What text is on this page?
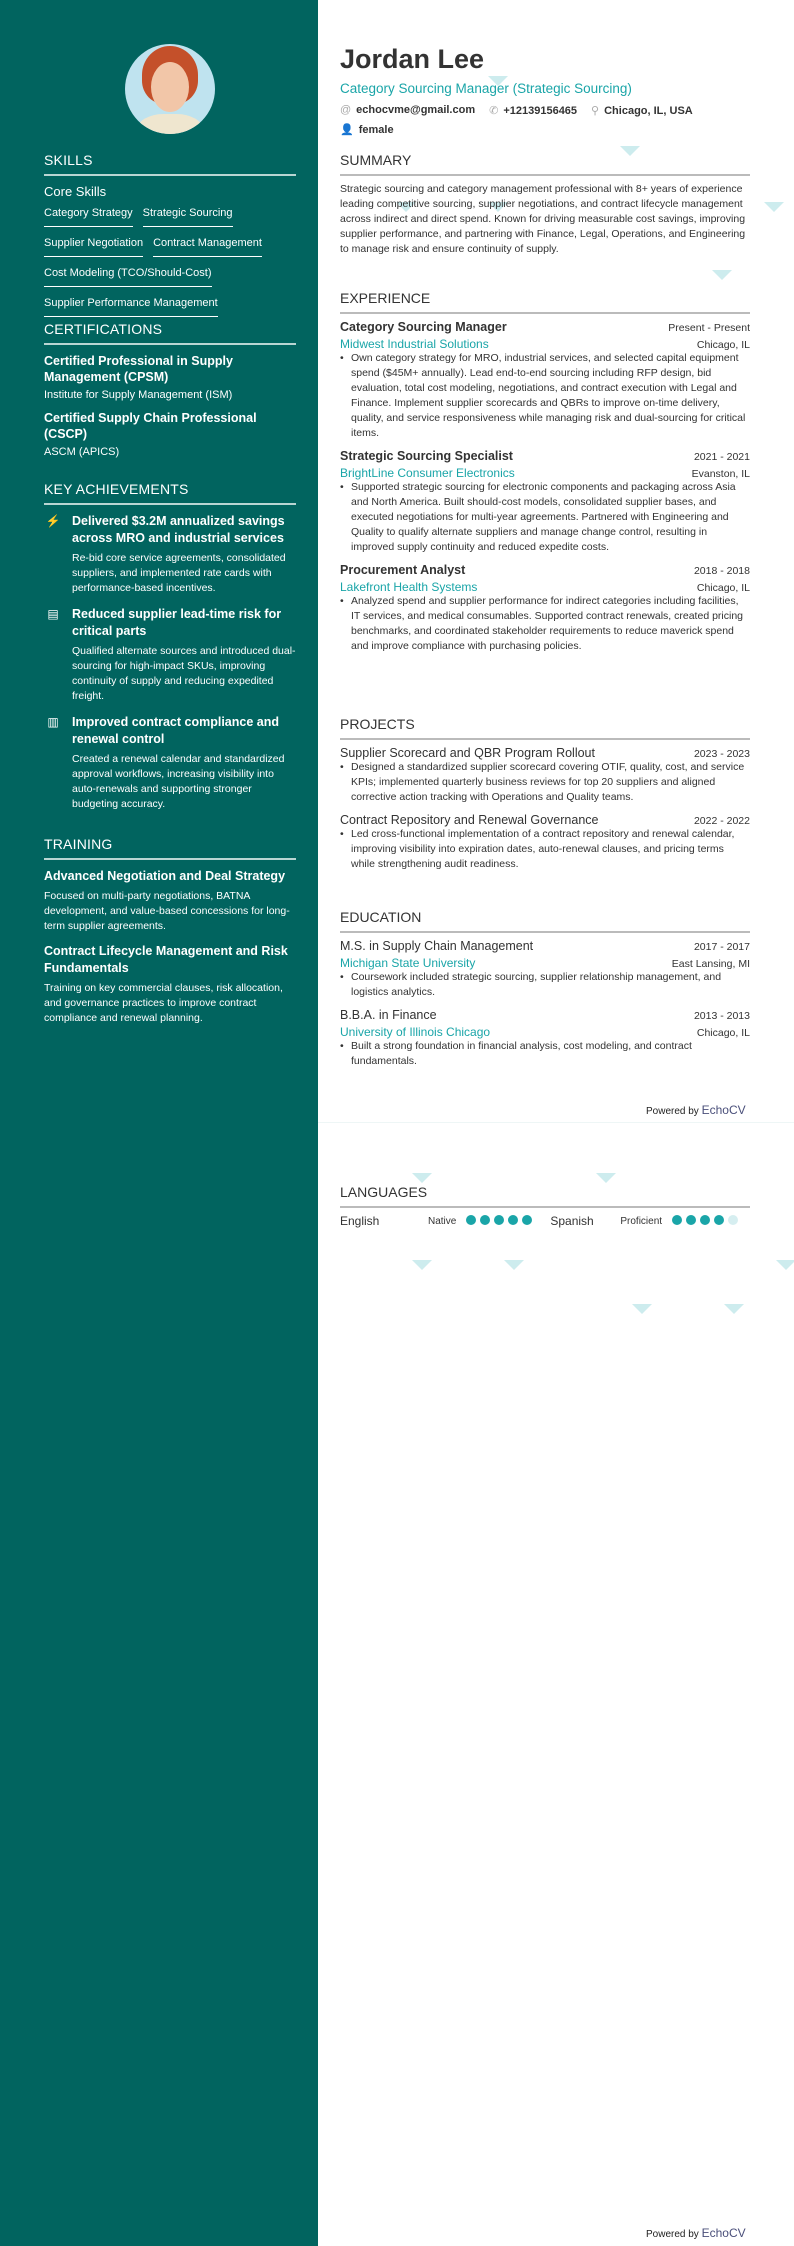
SKILLS
Core Skills
Category Strategy Strategic Sourcing
Supplier Negotiation Contract Management
Cost Modeling (TCO/Should-Cost)
Supplier Performance Management
CERTIFICATIONS
Certified Professional in Supply Management (CPSM)
Institute for Supply Management (ISM)
Certified Supply Chain Professional (CSCP)
ASCM (APICS)
KEY ACHIEVEMENTS
⚡ Delivered $3.2M annualized savings across MRO and industrial services
Re-bid core service agreements, consolidated suppliers, and implemented rate cards with performance-based incentives.
▤ Reduced supplier lead-time risk for critical parts
Qualified alternate sources and introduced dual-sourcing for high-impact SKUs, improving continuity of supply and reducing expedited freight.
▥ Improved contract compliance and renewal control
Created a renewal calendar and standardized approval workflows, increasing visibility into auto-renewals and supporting stronger budgeting accuracy.
TRAINING
Advanced Negotiation and Deal Strategy
Focused on multi-party negotiations, BATNA development, and value-based concessions for long-term supplier agreements.
Contract Lifecycle Management and Risk Fundamentals
Training on key commercial clauses, risk allocation, and governance practices to improve contract compliance and renewal planning.
Jordan Lee
Category Sourcing Manager (Strategic Sourcing)
@ echocvme@gmail.com ✆ +12139156465 ⚲ Chicago, IL, USA
👤 female
SUMMARY
Strategic sourcing and category management professional with 8+ years of experience leading competitive sourcing, supplier negotiations, and contract lifecycle management across indirect and direct spend. Known for driving measurable cost savings, improving supplier performance, and partnering with Finance, Legal, Operations, and Engineering to manage risk and ensure continuity of supply.
EXPERIENCE
Category Sourcing Manager	Present - Present
Midwest Industrial Solutions	Chicago, IL
• Own category strategy for MRO, industrial services, and selected capital equipment spend ($45M+ annually). Lead end-to-end sourcing including RFP design, bid evaluation, total cost modeling, negotiations, and contract execution with Legal and Finance. Implement supplier scorecards and QBRs to improve on-time delivery, quality, and service responsiveness while managing risk and dual-sourcing for critical items.
Strategic Sourcing Specialist	2021 - 2021
BrightLine Consumer Electronics	Evanston, IL
• Supported strategic sourcing for electronic components and packaging across Asia and North America. Built should-cost models, consolidated supplier bases, and executed negotiations for multi-year agreements. Partnered with Engineering and Quality to qualify alternate suppliers and manage change control, resulting in improved supply continuity and reduced expedite costs.
Procurement Analyst	2018 - 2018
Lakefront Health Systems	Chicago, IL
• Analyzed spend and supplier performance for indirect categories including facilities, IT services, and medical consumables. Supported contract renewals, created pricing benchmarks, and coordinated stakeholder requirements to reduce maverick spend and improve compliance with purchasing policies.
PROJECTS
Supplier Scorecard and QBR Program Rollout	2023 - 2023
• Designed a standardized supplier scorecard covering OTIF, quality, cost, and service KPIs; implemented quarterly business reviews for top 20 suppliers and aligned corrective action tracking with Operations and Quality teams.
Contract Repository and Renewal Governance	2022 - 2022
• Led cross-functional implementation of a contract repository and renewal calendar, improving visibility into expiration dates, auto-renewal clauses, and pricing terms while strengthening audit readiness.
EDUCATION
M.S. in Supply Chain Management	2017 - 2017
Michigan State University	East Lansing, MI
• Coursework included strategic sourcing, supplier relationship management, and logistics analytics.
B.B.A. in Finance	2013 - 2013
University of Illinois Chicago	Chicago, IL
• Built a strong foundation in financial analysis, cost modeling, and contract fundamentals.
Powered by EchoCV
LANGUAGES
English	Native	Spanish	Proficient
Powered by EchoCV
